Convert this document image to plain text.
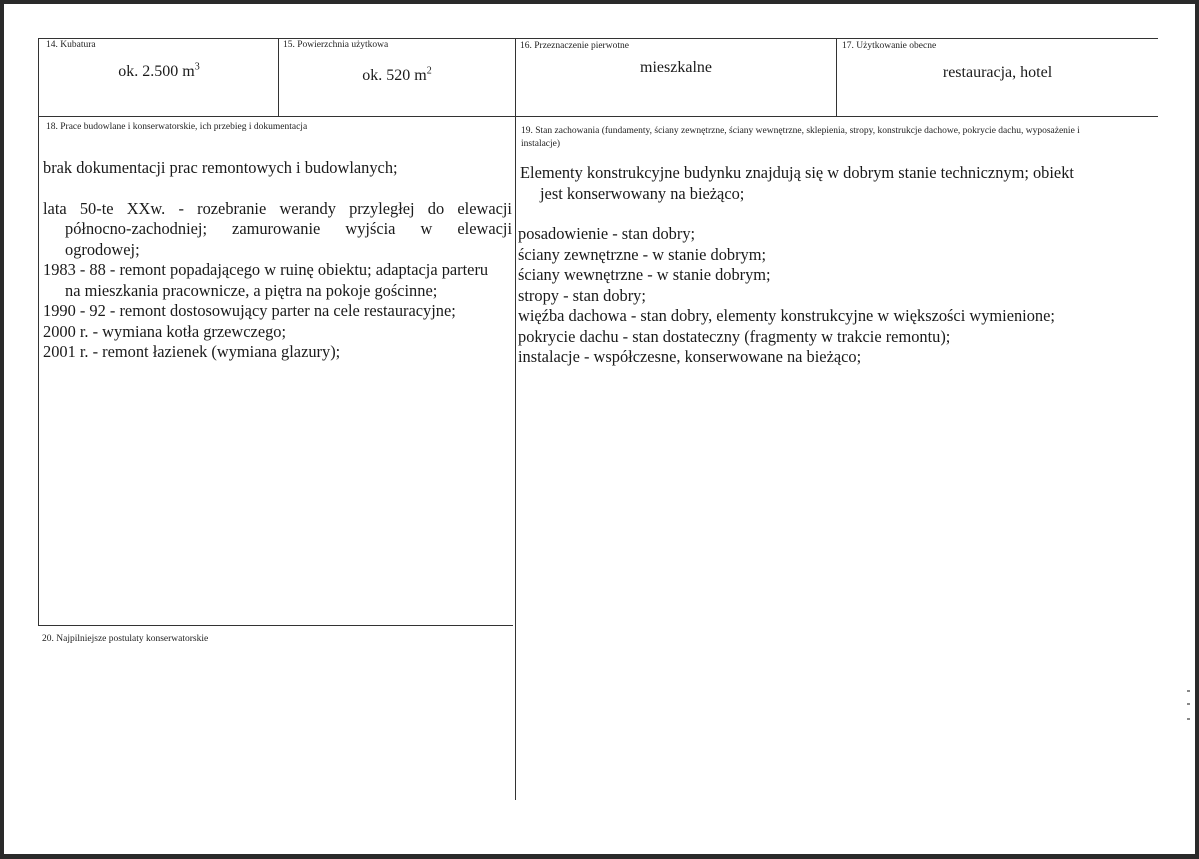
14. Kubatura
ok. 2.500 $m^3$
15. Powierzchnia użytkowa
ok. 520 $m^2$
16. Przeznaczenie pierwotne
mieszkalne
17. Użytkowanie obecne
restauracja, hotel
18. Prace budowlane i konserwatorskie, ich przebieg i dokumentacja
brak dokumentacji prac remontowych i budowlanych;
lata 50-te XXw. - rozebranie werandy przyległej do elewacji
północno-zachodniej; zamurowanie wyjścia w elewacji
ogrodowej;
1983 - 88 - remont popadającego w ruinę obiektu; adaptacja parteru
na mieszkania pracownicze, a piętra na pokoje gościnne;
1990 - 92 - remont dostosowujący parter na cele restauracyjne;
2000 r. - wymiana kotła grzewczego;
2001 r. - remont łazienek (wymiana glazury);
19. Stan zachowania (fundamenty, ściany zewnętrzne, ściany wewnętrzne, sklepienia, stropy, konstrukcje dachowe, pokrycie dachu, wyposażenie i
instalacje)
Elementy konstrukcyjne budynku znajdują się w dobrym stanie technicznym; obiekt
jest konserwowany na bieżąco;
posadowienie - stan dobry;
ściany zewnętrzne - w stanie dobrym;
ściany wewnętrzne - w stanie dobrym;
stropy - stan dobry;
więźba dachowa - stan dobry, elementy konstrukcyjne w większości wymienione;
pokrycie dachu - stan dostateczny (fragmenty w trakcie remontu);
instalacje - współczesne, konserwowane na bieżąco;
20. Najpilniejsze postulaty konserwatorskie
